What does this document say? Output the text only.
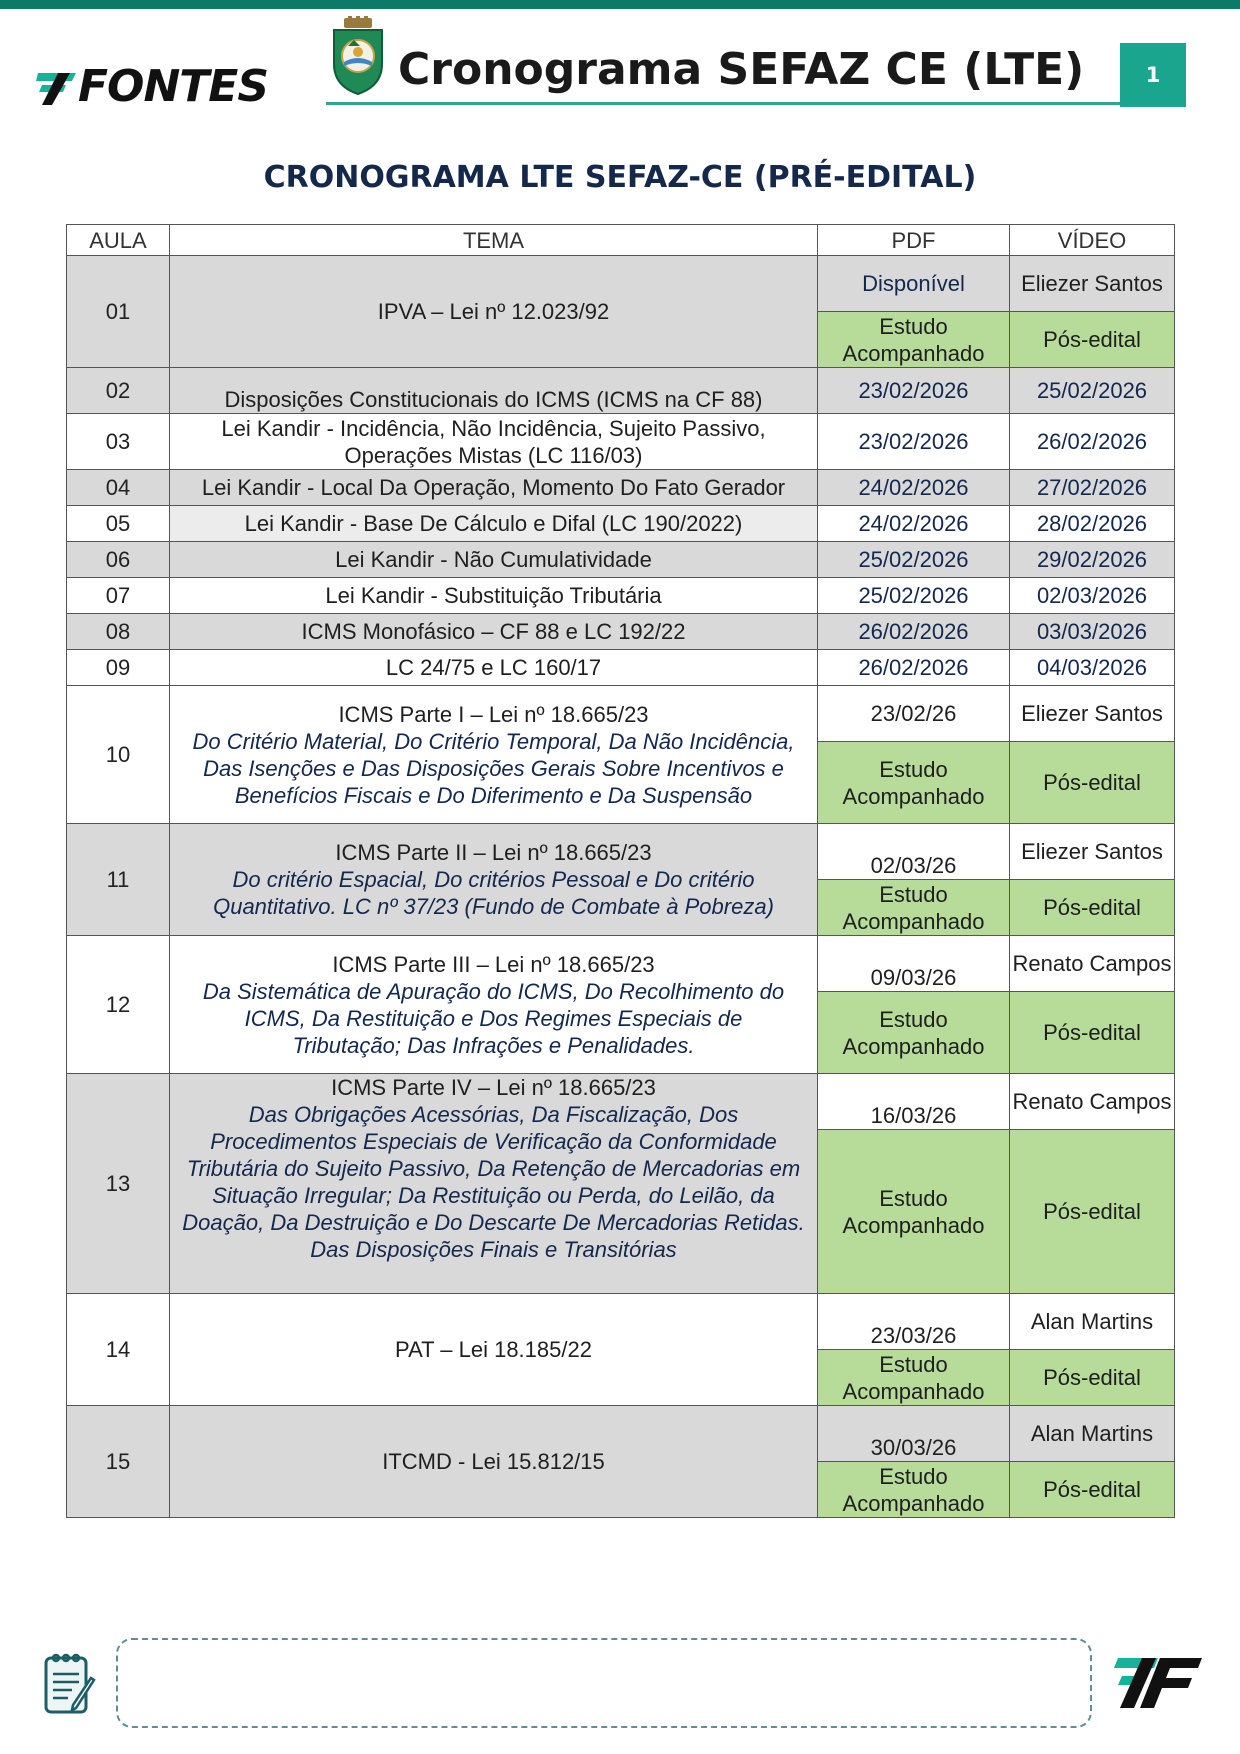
FONTES	Cronograma SEFAZ CE (LTE)	1
CRONOGRAMA LTE SEFAZ-CE (PRÉ-EDITAL)
AULA	TEMA	PDF	VÍDEO
01	IPVA – Lei nº 12.023/92	Disponível	Eliezer Santos
		Estudo Acompanhado	Pós-edital
02	Disposições Constitucionais do ICMS (ICMS na CF 88)	23/02/2026	25/02/2026
03	Lei Kandir - Incidência, Não Incidência, Sujeito Passivo, Operações Mistas (LC 116/03)	23/02/2026	26/02/2026
04	Lei Kandir - Local Da Operação, Momento Do Fato Gerador	24/02/2026	27/02/2026
05	Lei Kandir - Base De Cálculo e Difal (LC 190/2022)	24/02/2026	28/02/2026
06	Lei Kandir - Não Cumulatividade	25/02/2026	29/02/2026
07	Lei Kandir - Substituição Tributária	25/02/2026	02/03/2026
08	ICMS Monofásico – CF 88 e LC 192/22	26/02/2026	03/03/2026
09	LC 24/75 e LC 160/17	26/02/2026	04/03/2026
10	ICMS Parte I – Lei nº 18.665/23
Do Critério Material, Do Critério Temporal, Da Não Incidência, Das Isenções e Das Disposições Gerais Sobre Incentivos e Benefícios Fiscais e Do Diferimento e Da Suspensão	23/02/26	Eliezer Santos
		Estudo Acompanhado	Pós-edital
11	ICMS Parte II – Lei nº 18.665/23
Do critério Espacial, Do critérios Pessoal e Do critério Quantitativo. LC nº 37/23 (Fundo de Combate à Pobreza)	02/03/26	Eliezer Santos
		Estudo Acompanhado	Pós-edital
12	ICMS Parte III – Lei nº 18.665/23
Da Sistemática de Apuração do ICMS, Do Recolhimento do ICMS, Da Restituição e Dos Regimes Especiais de Tributação; Das Infrações e Penalidades.	09/03/26	Renato Campos
		Estudo Acompanhado	Pós-edital
13	ICMS Parte IV – Lei nº 18.665/23
Das Obrigações Acessórias, Da Fiscalização, Dos Procedimentos Especiais de Verificação da Conformidade Tributária do Sujeito Passivo, Da Retenção de Mercadorias em Situação Irregular; Da Restituição ou Perda, do Leilão, da Doação, Da Destruição e Do Descarte De Mercadorias Retidas. Das Disposições Finais e Transitórias	16/03/26	Renato Campos
		Estudo Acompanhado	Pós-edital
14	PAT – Lei 18.185/22	23/03/26	Alan Martins
		Estudo Acompanhado	Pós-edital
15	ITCMD - Lei 15.812/15	30/03/26	Alan Martins
		Estudo Acompanhado	Pós-edital
